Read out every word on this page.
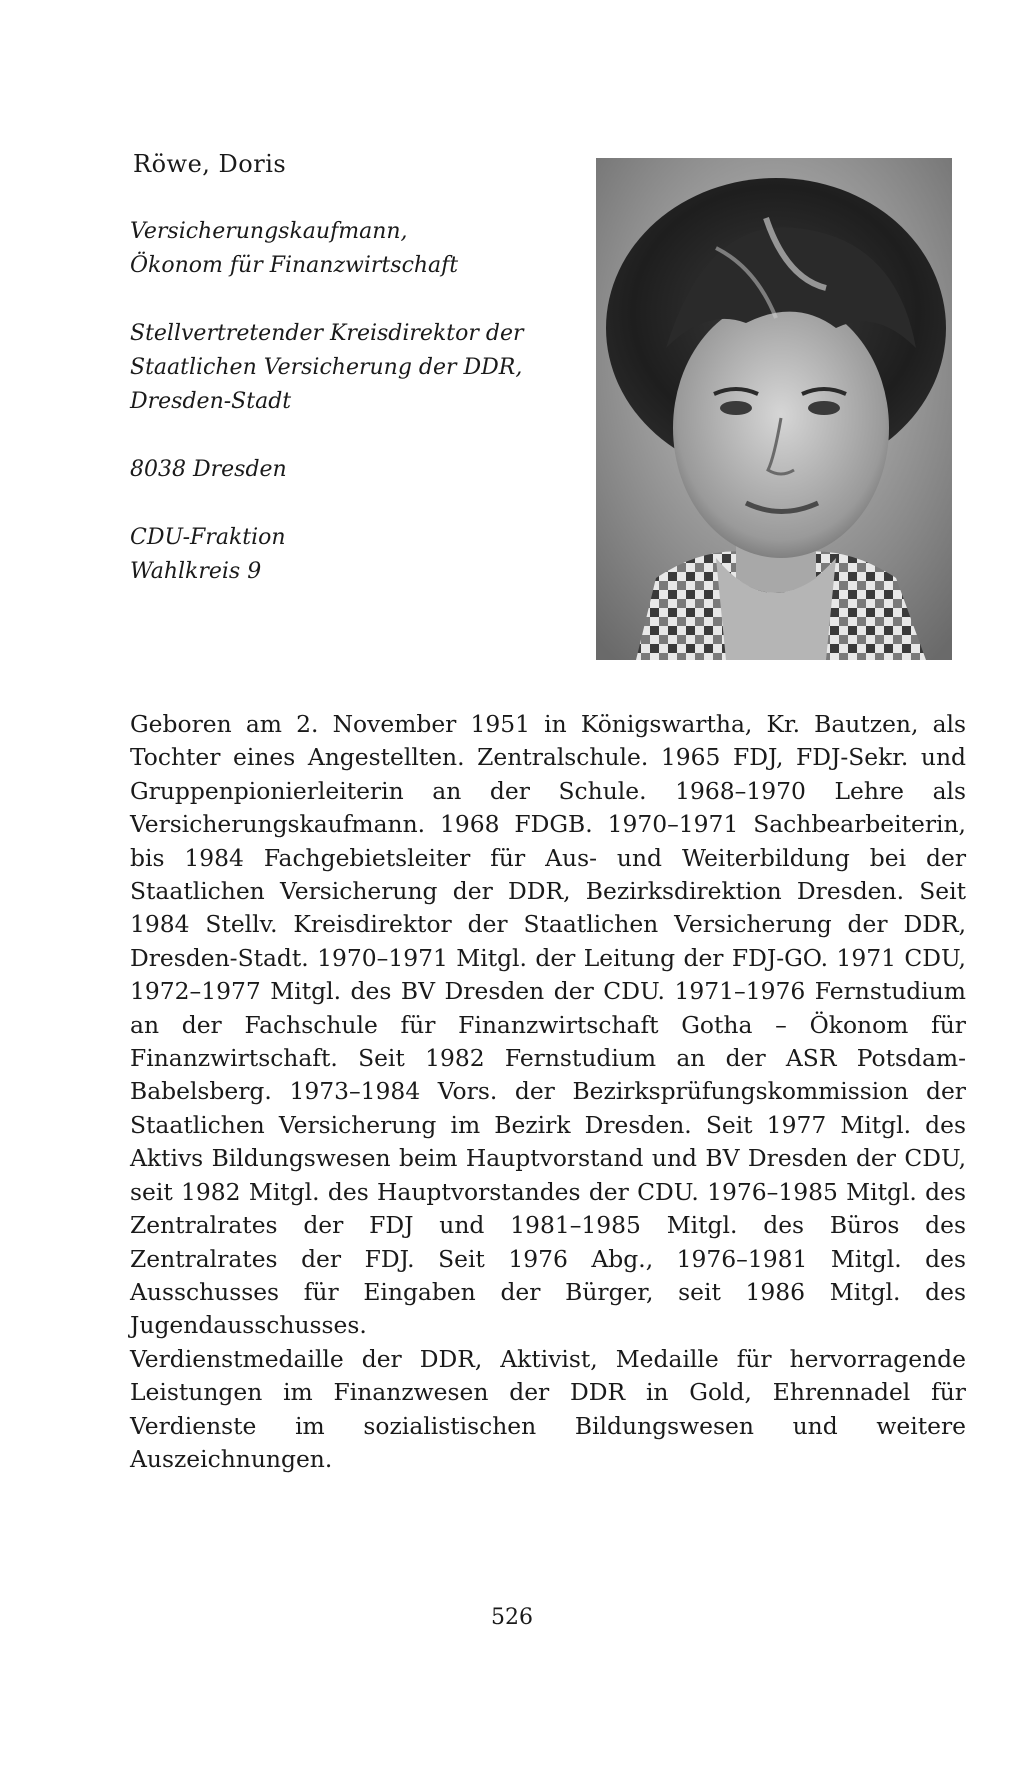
Röwe, Doris
Versicherungskaufmann,
Ökonom für Finanzwirtschaft
Stellvertretender Kreisdirektor der
Staatlichen Versicherung der DDR,
Dresden-Stadt
8038 Dresden
CDU-Fraktion
Wahlkreis 9

Geboren am 2. November 1951 in Königswartha, Kr. Bautzen, als Tochter eines Angestellten. Zentralschule. 1965 FDJ, FDJ-Sekr. und Gruppenpionierleiterin an der Schule. 1968–1970 Lehre als Versicherungskaufmann. 1968 FDGB. 1970–1971 Sachbearbeiterin, bis 1984 Fachgebietsleiter für Aus- und Weiterbildung bei der Staatlichen Versicherung der DDR, Bezirksdirektion Dresden. Seit 1984 Stellv. Kreisdirektor der Staatlichen Versicherung der DDR, Dresden-Stadt. 1970–1971 Mitgl. der Leitung der FDJ-GO. 1971 CDU, 1972–1977 Mitgl. des BV Dresden der CDU. 1971–1976 Fernstudium an der Fachschule für Finanzwirtschaft Gotha – Ökonom für Finanzwirtschaft. Seit 1982 Fernstudium an der ASR Potsdam-Babelsberg. 1973–1984 Vors. der Bezirksprüfungskommission der Staatlichen Versicherung im Bezirk Dresden. Seit 1977 Mitgl. des Aktivs Bildungswesen beim Hauptvorstand und BV Dresden der CDU, seit 1982 Mitgl. des Hauptvorstandes der CDU. 1976–1985 Mitgl. des Zentralrates der FDJ und 1981–1985 Mitgl. des Büros des Zentralrates der FDJ. Seit 1976 Abg., 1976–1981 Mitgl. des Ausschusses für Eingaben der Bürger, seit 1986 Mitgl. des Jugendausschusses.

Verdienstmedaille der DDR, Aktivist, Medaille für hervorragende Leistungen im Finanzwesen der DDR in Gold, Ehrennadel für Verdienste im sozialistischen Bildungswesen und weitere Auszeichnungen.

526
